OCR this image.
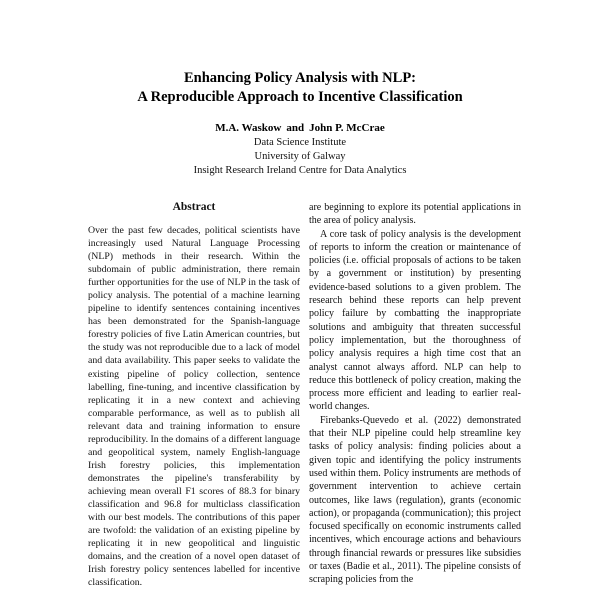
Enhancing Policy Analysis with NLP:
A Reproducible Approach to Incentive Classification
M.A. Waskow and John P. McCrae
Data Science Institute
University of Galway
Insight Research Ireland Centre for Data Analytics
Abstract
Over the past few decades, political scientists have increasingly used Natural Language Processing (NLP) methods in their research. Within the subdomain of public administration, there remain further opportunities for the use of NLP in the task of policy analysis. The potential of a machine learning pipeline to identify sentences containing incentives has been demonstrated for the Spanish-language forestry policies of five Latin American countries, but the study was not reproducible due to a lack of model and data availability. This paper seeks to validate the existing pipeline of policy collection, sentence labelling, fine-tuning, and incentive classification by replicating it in a new context and achieving comparable performance, as well as to publish all relevant data and training information to ensure reproducibility. In the domains of a different language and geopolitical system, namely English-language Irish forestry policies, this implementation demonstrates the pipeline's transferability by achieving mean overall F1 scores of 88.3 for binary classification and 96.8 for multiclass classification with our best models. The contributions of this paper are twofold: the validation of an existing pipeline by replicating it in new geopolitical and linguistic domains, and the creation of a novel open dataset of Irish forestry policy sentences labelled for incentive classification.

are beginning to explore its potential applications in the area of policy analysis.

A core task of policy analysis is the development of reports to inform the creation or maintenance of policies (i.e. official proposals of actions to be taken by a government or institution) by presenting evidence-based solutions to a given problem. The research behind these reports can help prevent policy failure by combatting the inappropriate solutions and ambiguity that threaten successful policy implementation, but the thoroughness of policy analysis requires a high time cost that an analyst cannot always afford. NLP can help to reduce this bottleneck of policy creation, making the process more efficient and leading to earlier real-world changes.

Firebanks-Quevedo et al. (2022) demonstrated that their NLP pipeline could help streamline key tasks of policy analysis: finding policies about a given topic and identifying the policy instruments used within them. Policy instruments are methods of government intervention to achieve certain outcomes, like laws (regulation), grants (economic action), or propaganda (communication); this project focused specifically on economic instruments called incentives, which encourage actions and behaviours through financial rewards or pressures like subsidies or taxes (Badie et al., 2011). The pipeline consists of scraping policies from the
